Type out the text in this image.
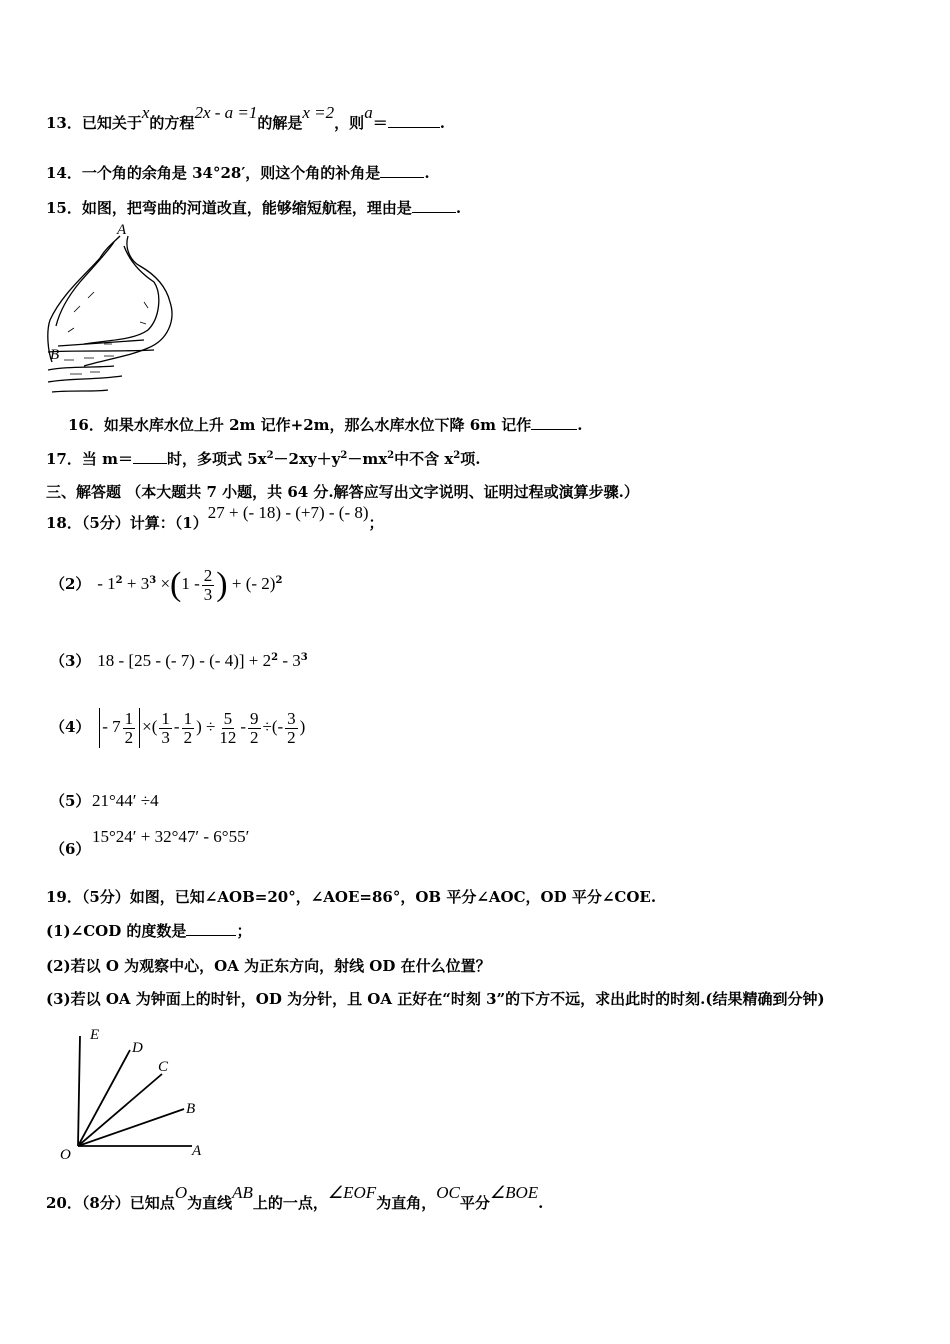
13．已知关于x的方程2x - a =1的解是x =2，则a＝	.
14．一个角的余角是 34°28′，则这个角的补角是	.
15．如图，把弯曲的河道改直，能够缩短航程，理由是	.
A
B
16．如果水库水位上升 2m 记作+2m，那么水库水位下降 6m 记作	.
17．当 m＝ 时，多项式 $5x^2-2xy+y^2-mx^2$中不含 $x^2$项.
三、解答题 （本大题共 7 小题，共 64 分.解答应写出文字说明、证明过程或演算步骤.）
18．（5分）计算：（1）27 + (- 18) - (+7) - (- 8)；
$(2) - 1^2 + 3^3 \times(1 - \frac{2}{3}$ ) + (- 2)$^2$
（3） 18 - [25 - (- 7) - (- $4)] + 2^2 - 3^3$
$(4) - 7 \frac{1}{2}$ ×( $\frac{1}{3} - \frac{1}{2}$ ) ÷ $\frac{5}{12} - \frac{9}{2}$ ÷(- $\frac{3}{2}$ )
（5）21°44′ ÷4
（6）15°24′ + 32°47′ - 6°55′
19．（5分）如图，已知∠AOB=20°，∠AOE=86°，OB 平分∠AOC，OD 平分∠COE.
(1)∠COD 的度数是	；
(2)若以 O 为观察中心，OA 为正东方向，射线 OD 在什么位置？
(3)若以 OA 为钟面上的时针，OD 为分针，且 OA 正好在“时刻 3”的下方不远，求出此时的时刻.(结果精确到分钟)
E
D
C
B
O	A
20．（8分）已知点O为直线AB上的一点，∠EOF为直角，OC平分∠BOE.
